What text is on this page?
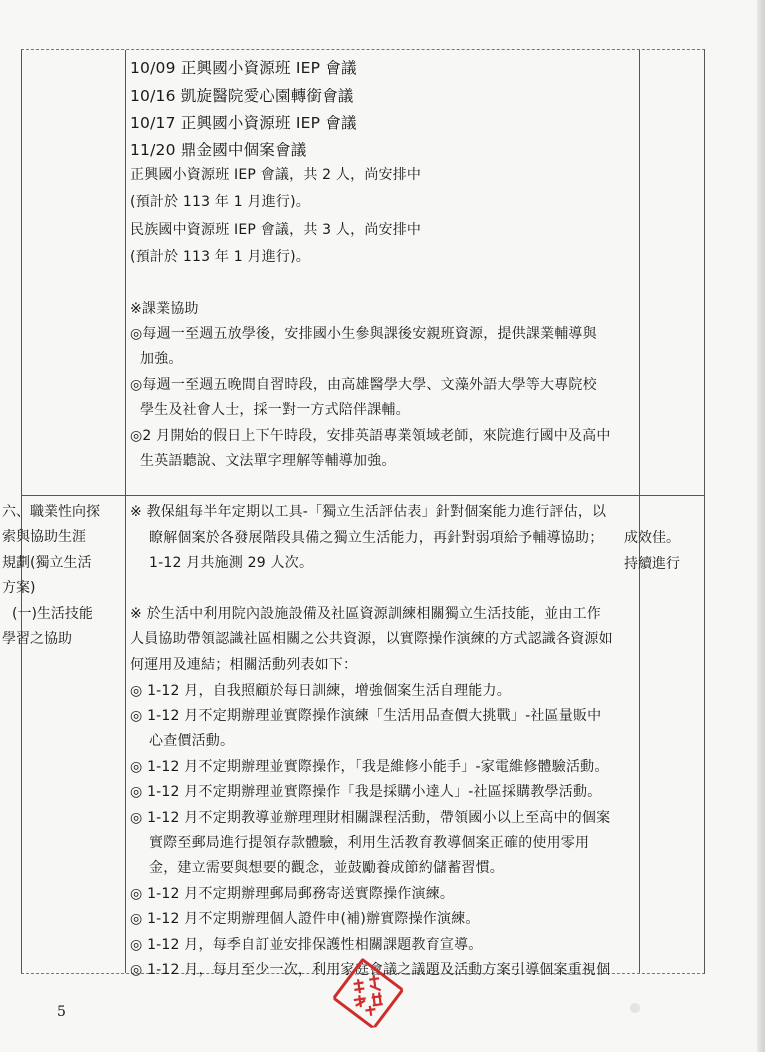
10/09 正興國小資源班 IEP 會議
10/16 凱旋醫院愛心園轉銜會議
10/17 正興國小資源班 IEP 會議
11/20 鼎金國中個案會議
正興國小資源班 IEP 會議，共 2 人，尚安排中
(預計於 113 年 1 月進行)。
民族國中資源班 IEP 會議，共 3 人，尚安排中
(預計於 113 年 1 月進行)。
※課業協助
◎每週一至週五放學後，安排國小生參與課後安親班資源，提供課業輔導與
加強。
◎每週一至週五晚間自習時段，由高雄醫學大學、文藻外語大學等大專院校
學生及社會人士，採一對一方式陪伴課輔。
◎2 月開始的假日上下午時段，安排英語專業領域老師，來院進行國中及高中
生英語聽說、文法單字理解等輔導加強。
六、職業性向探
索與協助生涯
規劃(獨立生活
方案)
(一)生活技能
學習之協助
※ 教保組每半年定期以工具-「獨立生活評估表」針對個案能力進行評估，以
瞭解個案於各發展階段具備之獨立生活能力，再針對弱項給予輔導協助；
1-12 月共施測 29 人次。
※ 於生活中利用院內設施設備及社區資源訓練相關獨立生活技能，並由工作
人員協助帶領認識社區相關之公共資源，以實際操作演練的方式認識各資源如
何運用及連結；相關活動列表如下：
◎ 1-12 月，自我照顧於每日訓練，增強個案生活自理能力。
◎ 1-12 月不定期辦理並實際操作演練「生活用品查價大挑戰」-社區量販中
心查價活動。
◎ 1-12 月不定期辦理並實際操作，「我是維修小能手」-家電維修體驗活動。
◎ 1-12 月不定期辦理並實際操作「我是採購小達人」-社區採購教學活動。
◎ 1-12 月不定期教導並辦理理財相關課程活動，帶領國小以上至高中的個案
實際至郵局進行提領存款體驗，利用生活教育教導個案正確的使用零用
金，建立需要與想要的觀念，並鼓勵養成節約儲蓄習慣。
◎ 1-12 月不定期辦理郵局郵務寄送實際操作演練。
◎ 1-12 月不定期辦理個人證件申(補)辦實際操作演練。
◎ 1-12 月，每季自訂並安排保護性相關課題教育宣導。
◎ 1-12 月，每月至少一次，利用家庭會議之議題及活動方案引導個案重視個
成效佳。
持續進行
5
